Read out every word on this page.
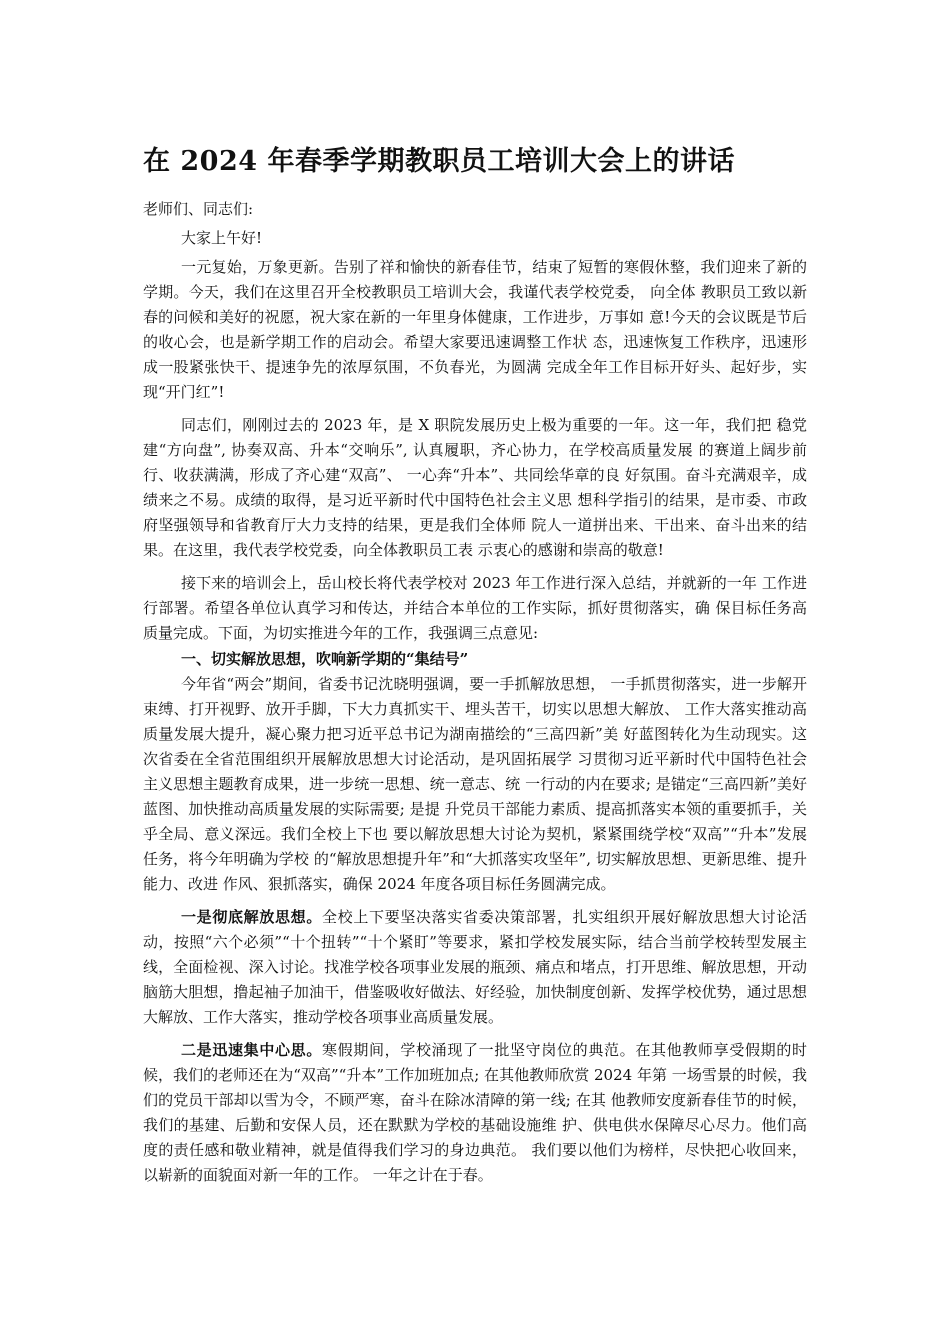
在 2024 年春季学期教职员工培训大会上的讲话

老师们、同志们:

大家上午好!

一元复始，万象更新。告别了祥和愉快的新春佳节，结束了短暂的寒假休整，我们迎来了新的学期。今天，我们在这里召开全校教职员工培训大会，我谨代表学校党委， 向全体 教职员工致以新春的问候和美好的祝愿，祝大家在新的一年里身体健康，工作进步，万事如 意!今天的会议既是节后的收心会，也是新学期工作的启动会。希望大家要迅速调整工作状 态，迅速恢复工作秩序，迅速形成一股紧张快干、提速争先的浓厚氛围，不负春光，为圆满 完成全年工作目标开好头、起好步，实现“开门红”!

同志们，刚刚过去的 2023 年，是 X 职院发展历史上极为重要的一年。这一年，我们把 稳党建“方向盘”, 协奏双高、升本“交响乐”, 认真履职，齐心协力，在学校高质量发展 的赛道上阔步前行、收获满满，形成了齐心建“双高”、 一心奔“升本”、共同绘华章的良 好氛围。奋斗充满艰辛，成绩来之不易。成绩的取得，是习近平新时代中国特色社会主义思 想科学指引的结果，是市委、市政府坚强领导和省教育厅大力支持的结果，更是我们全体师 院人一道拼出来、干出来、奋斗出来的结果。在这里，我代表学校党委，向全体教职员工表 示衷心的感谢和崇高的敬意!

接下来的培训会上，岳山校长将代表学校对 2023 年工作进行深入总结，并就新的一年 工作进行部署。希望各单位认真学习和传达，并结合本单位的工作实际，抓好贯彻落实，确 保目标任务高质量完成。下面，为切实推进今年的工作，我强调三点意见:

一、切实解放思想，吹响新学期的“集结号”

今年省“两会”期间，省委书记沈晓明强调，要一手抓解放思想， 一手抓贯彻落实，进一步解开束缚、打开视野、放开手脚，下大力真抓实干、埋头苦干，切实以思想大解放、 工作大落实推动高质量发展大提升，凝心聚力把习近平总书记为湖南描绘的“三高四新”美 好蓝图转化为生动现实。这次省委在全省范围组织开展解放思想大讨论活动，是巩固拓展学 习贯彻习近平新时代中国特色社会主义思想主题教育成果，进一步统一思想、统一意志、统 一行动的内在要求; 是锚定“三高四新”美好蓝图、加快推动高质量发展的实际需要; 是提 升党员干部能力素质、提高抓落实本领的重要抓手，关乎全局、意义深远。我们全校上下也 要以解放思想大讨论为契机，紧紧围绕学校“双高”“升本”发展任务，将今年明确为学校 的“解放思想提升年”和“大抓落实攻坚年”, 切实解放思想、更新思维、提升能力、改进 作风、狠抓落实，确保 2024 年度各项目标任务圆满完成。

一是彻底解放思想。全校上下要坚决落实省委决策部署，扎实组织开展好解放思想大讨论活动，按照“六个必须”“十个扭转”“十个紧盯”等要求，紧扣学校发展实际，结合当前学校转型发展主线，全面检视、深入讨论。找准学校各项事业发展的瓶颈、痛点和堵点，打开思维、解放思想，开动脑筋大胆想，撸起袖子加油干，借鉴吸收好做法、好经验，加快制度创新、发挥学校优势，通过思想大解放、工作大落实，推动学校各项事业高质量发展。

二是迅速集中心思。寒假期间，学校涌现了一批坚守岗位的典范。在其他教师享受假期的时候，我们的老师还在为“双高”“升本”工作加班加点; 在其他教师欣赏 2024 年第 一场雪景的时候，我们的党员干部却以雪为令，不顾严寒，奋斗在除冰清障的第一线; 在其 他教师安度新春佳节的时候，我们的基建、后勤和安保人员，还在默默为学校的基础设施维 护、供电供水保障尽心尽力。他们高度的责任感和敬业精神，就是值得我们学习的身边典范。 我们要以他们为榜样，尽快把心收回来，以崭新的面貌面对新一年的工作。 一年之计在于春。
